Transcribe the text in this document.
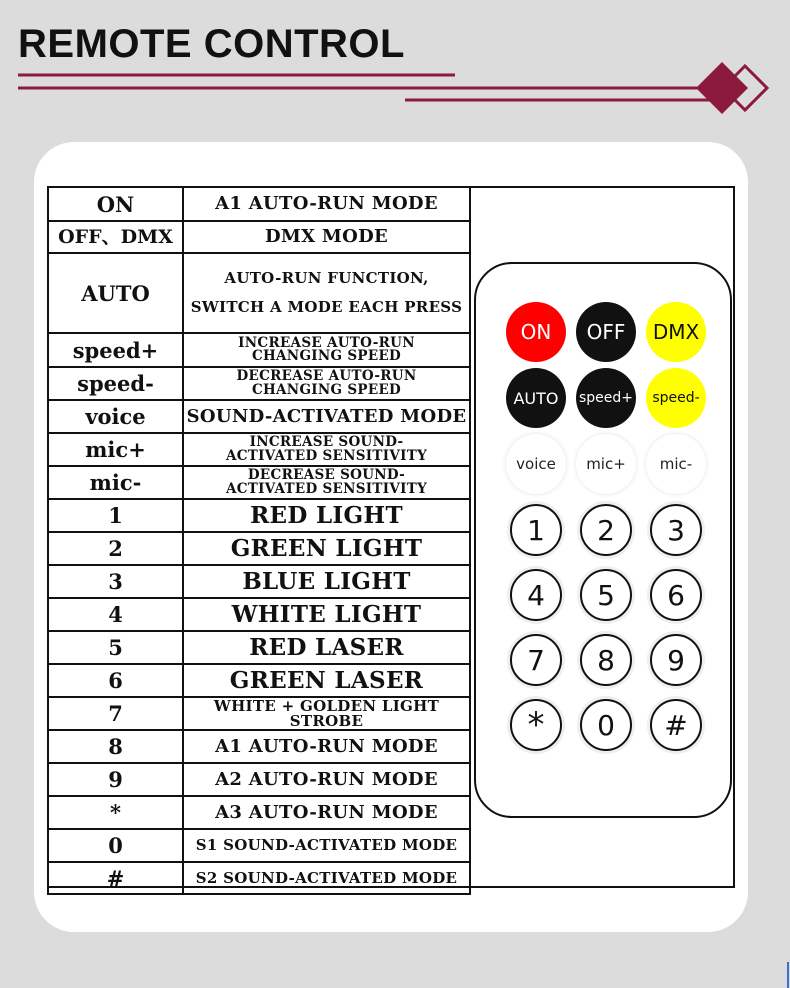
REMOTE CONTROL
ON	A1 AUTO-RUN MODE
OFF、DMX	DMX MODE
AUTO	AUTO-RUN FUNCTION,
SWITCH A MODE EACH PRESS

speed+	INCREASE AUTO-RUN
CHANGING SPEED

speed-	DECREASE AUTO-RUN
CHANGING SPEED

voice	SOUND-ACTIVATED MODE
mic+	INCREASE SOUND-
ACTIVATED SENSITIVITY

mic-	DECREASE SOUND-
ACTIVATED SENSITIVITY

1	RED LIGHT
2	GREEN LIGHT
3	BLUE LIGHT
4	WHITE LIGHT
5	RED LASER
6	GREEN LASER
7	WHITE + GOLDEN LIGHT STROBE
8	A1 AUTO-RUN MODE
9	A2 AUTO-RUN MODE
*	A3 AUTO-RUN MODE
0	S1 SOUND-ACTIVATED MODE
#	S2 SOUND-ACTIVATED MODE
ON	OFF	DMX
AUTO	speed+	speed-
voice	mic+	mic-
1	2	3
4	5	6
7	8	9
*	0	#
